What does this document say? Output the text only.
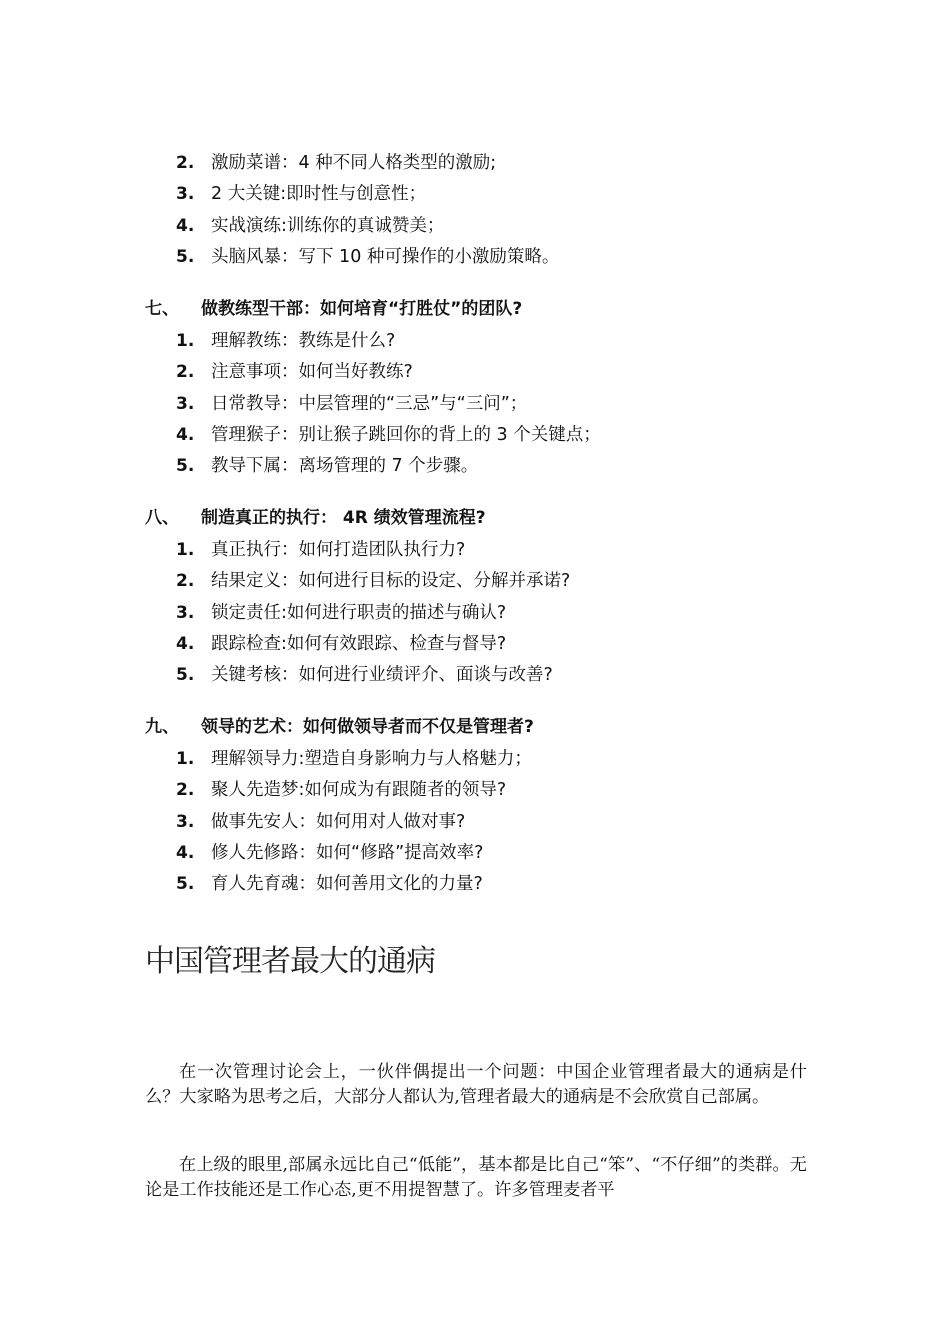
2. 激励菜谱：4 种不同人格类型的激励;
3. 2 大关键:即时性与创意性；
4. 实战演练:训练你的真诚赞美；
5. 头脑风暴：写下 10 种可操作的小激励策略。
七、 做教练型干部：如何培育“打胜仗”的团队?
1. 理解教练：教练是什么?
2. 注意事项：如何当好教练?
3. 日常教导：中层管理的“三忌”与“三问”；
4. 管理猴子：别让猴子跳回你的背上的 3 个关键点；
5. 教导下属：离场管理的 7 个步骤。
八、 制造真正的执行： 4R 绩效管理流程?
1. 真正执行：如何打造团队执行力?
2. 结果定义：如何进行目标的设定、分解并承诺?
3. 锁定责任:如何进行职责的描述与确认?
4. 跟踪检查:如何有效跟踪、检查与督导?
5. 关键考核：如何进行业绩评介、面谈与改善?
九、 领导的艺术：如何做领导者而不仅是管理者?
1. 理解领导力:塑造自身影响力与人格魅力；
2. 聚人先造梦:如何成为有跟随者的领导?
3. 做事先安人：如何用对人做对事?
4. 修人先修路：如何“修路”提高效率?
5. 育人先育魂：如何善用文化的力量?
中国管理者最大的通病

在一次管理讨论会上，一伙伴偶提出一个问题：中国企业管理者最大的通病是什么？大家略为思考之后，大部分人都认为,管理者最大的通病是不会欣赏自己部属。

在上级的眼里,部属永远比自己“低能”，基本都是比自己“笨”、“不仔细”的类群。无论是工作技能还是工作心态,更不用提智慧了。许多管理麦者平
